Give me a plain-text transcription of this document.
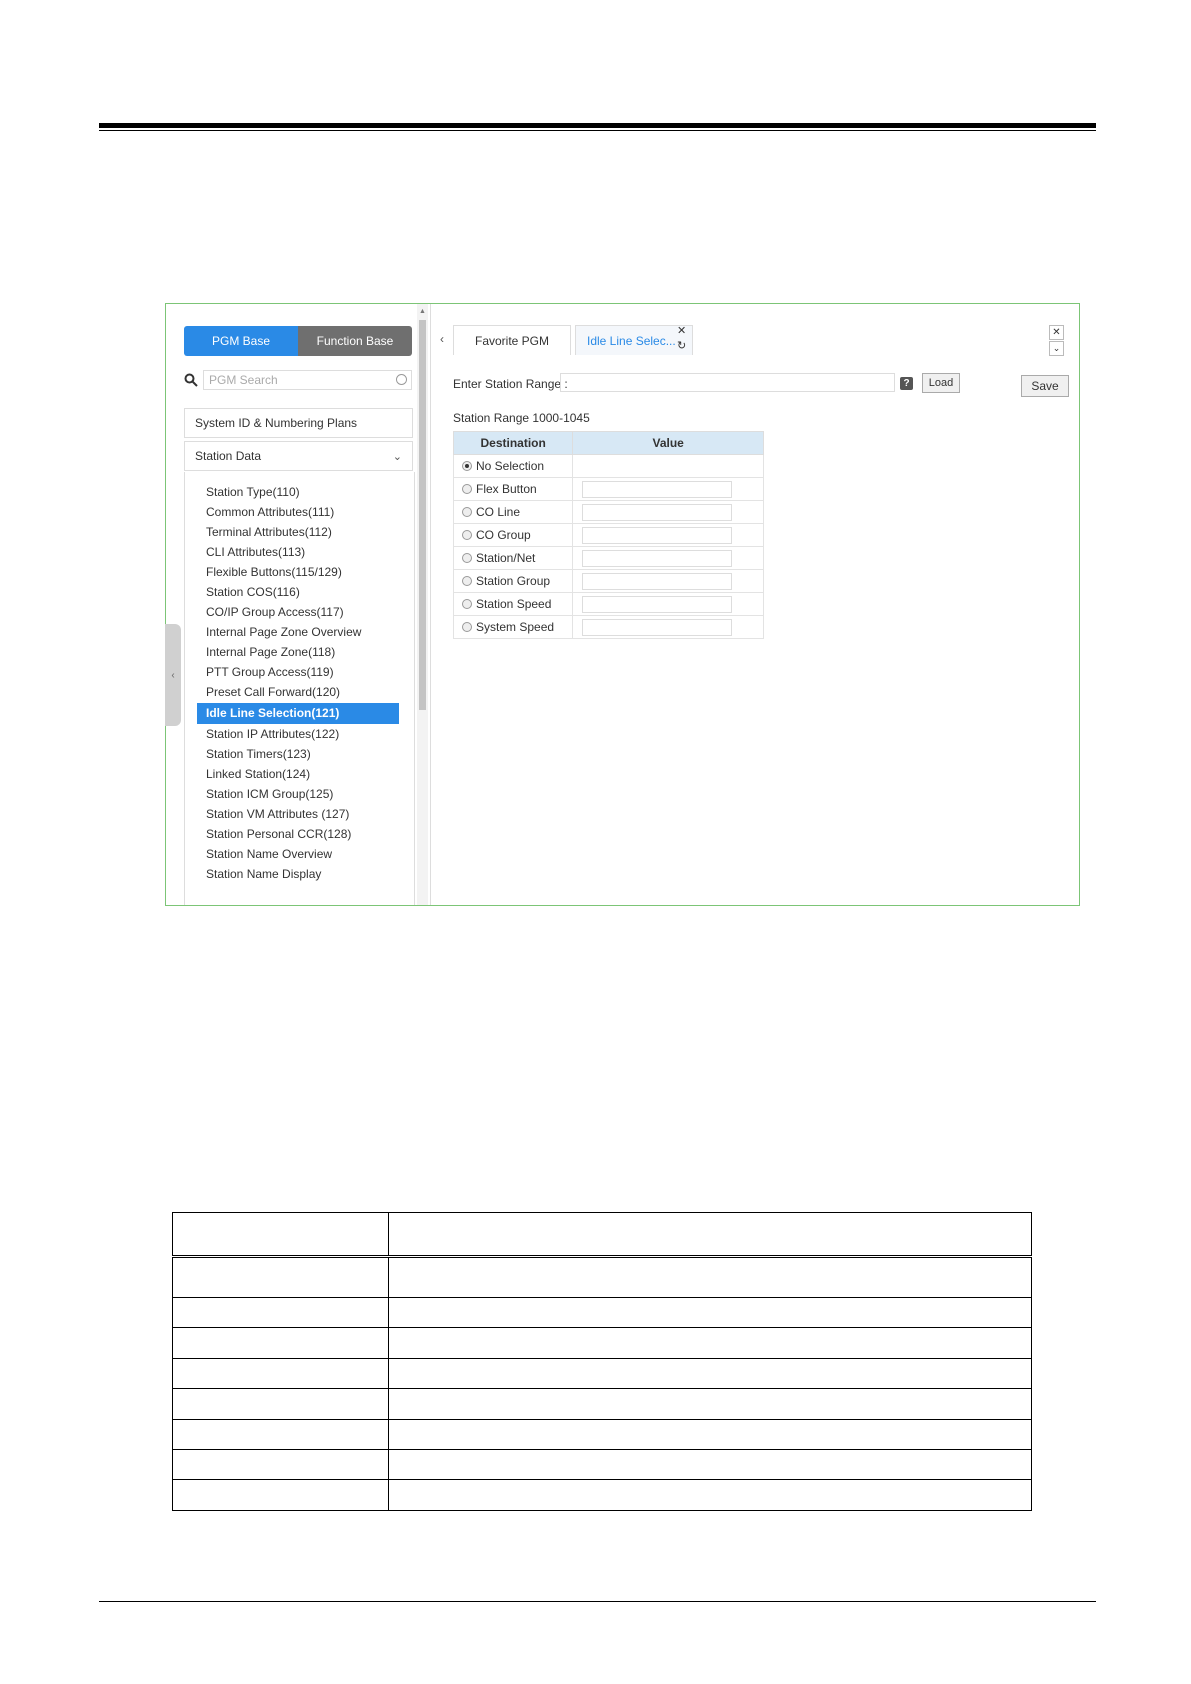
PGM Base	Function Base
PGM Search
System ID & Numbering Plans
Station Data	⌄
Station Type(110)
Common Attributes(111)
Terminal Attributes(112)
CLI Attributes(113)
Flexible Buttons(115/129)
Station COS(116)
CO/IP Group Access(117)
Internal Page Zone Overview
Internal Page Zone(118)
PTT Group Access(119)
Preset Call Forward(120)
Idle Line Selection(121)
Station IP Attributes(122)
Station Timers(123)
Linked Station(124)
Station ICM Group(125)
Station VM Attributes (127)
Station Personal CCR(128)
Station Name Overview
Station Name Display
▲
‹
‹	Favorite PGM	Idle Line Selec...
✕
↻
✕
⌄
Enter Station Range :	?	Load	Save
Station Range 1000-1045
Destination	Value
No Selection	
Flex Button	

CO Line	

CO Group	

Station/Net	

Station Group	

Station Speed	

System Speed	
